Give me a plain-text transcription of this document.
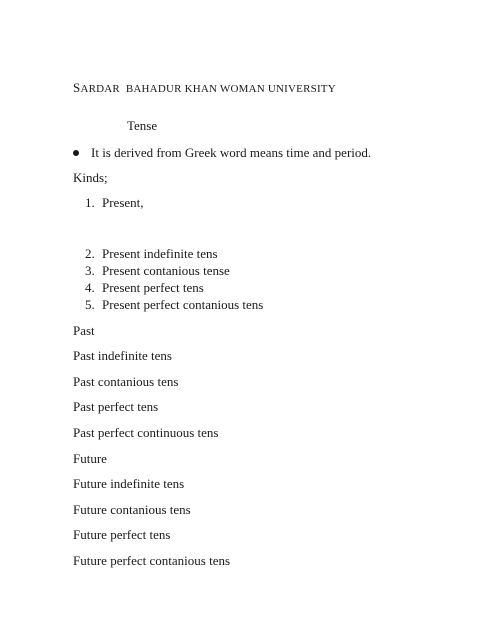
SARDAR BAHADUR KHAN WOMAN UNIVERSITY
Tense
It is derived from Greek word means time and period.
Kinds;
1. Present,
2. Present indefinite tens
3. Present contanious tense
4. Present perfect tens
5. Present perfect contanious tens
Past
Past indefinite tens
Past contanious tens
Past perfect tens
Past perfect continuous tens
Future
Future indefinite tens
Future contanious tens
Future perfect tens
Future perfect contanious tens
